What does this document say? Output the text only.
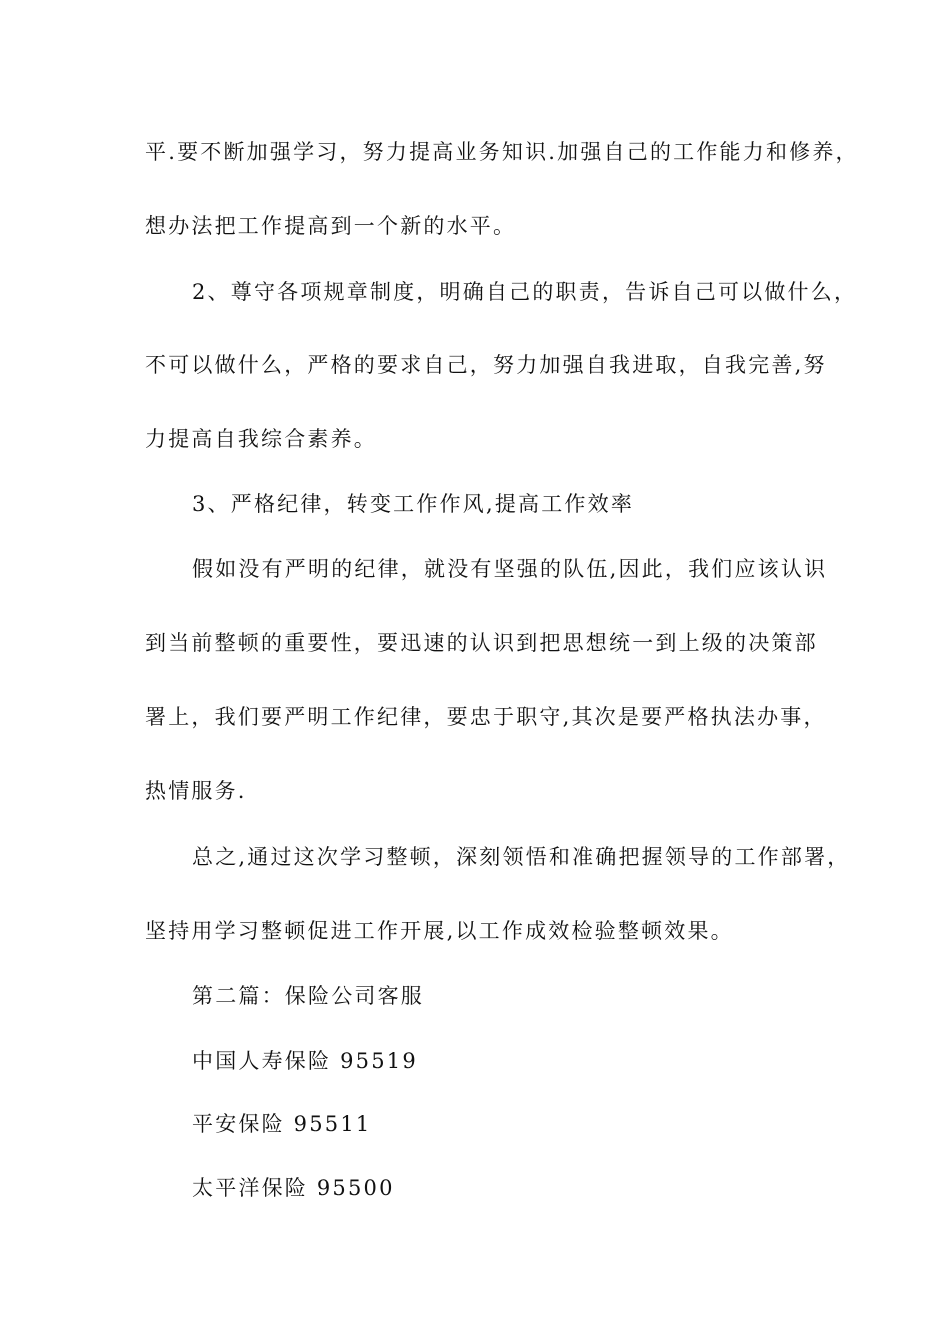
平.要不断加强学习，努力提高业务知识.加强自己的工作能力和修养，
想办法把工作提高到一个新的水平。
2、尊守各项规章制度，明确自己的职责，告诉自己可以做什么，
不可以做什么，严格的要求自己，努力加强自我进取，自我完善,努
力提高自我综合素养。
3、严格纪律，转变工作作风,提高工作效率
假如没有严明的纪律，就没有坚强的队伍,因此，我们应该认识
到当前整顿的重要性，要迅速的认识到把思想统一到上级的决策部
署上，我们要严明工作纪律，要忠于职守,其次是要严格执法办事，
热情服务.
总之,通过这次学习整顿，深刻领悟和准确把握领导的工作部署，
坚持用学习整顿促进工作开展,以工作成效检验整顿效果。
第二篇：保险公司客服
中国人寿保险 95519
平安保险 95511
太平洋保险 95500
